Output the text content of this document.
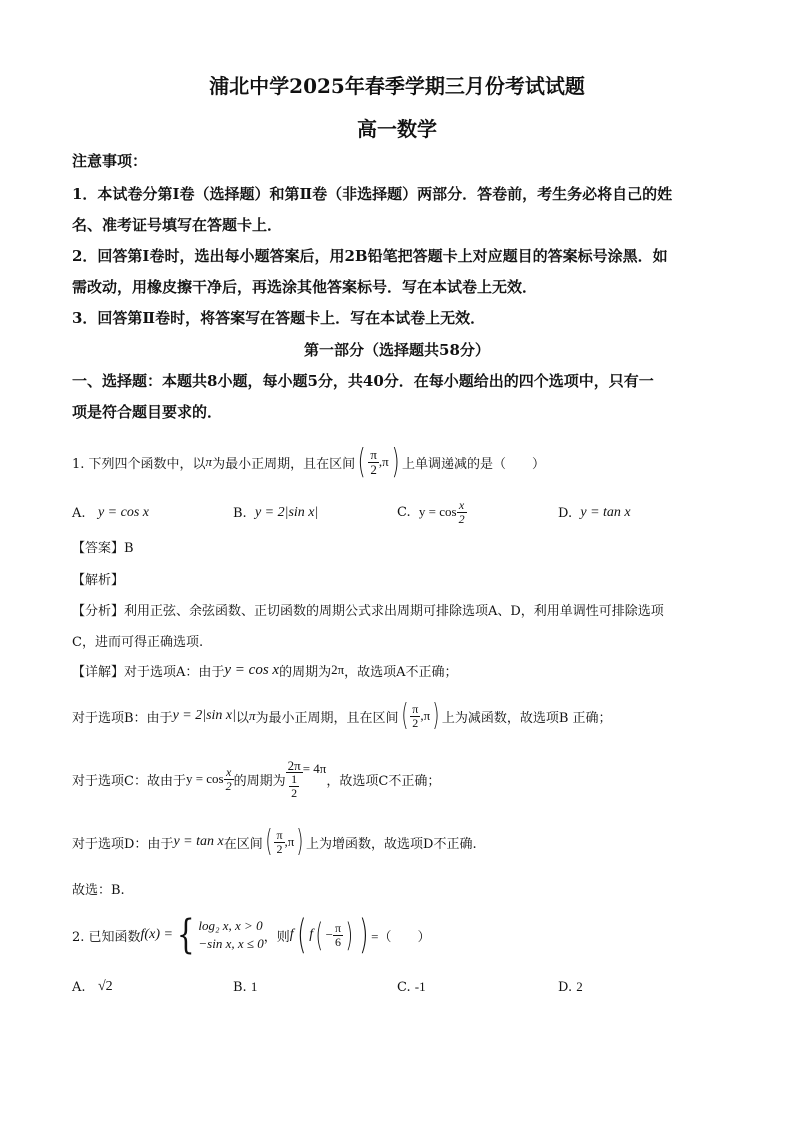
浦北中学2025年春季学期三月份考试试题
高一数学
注意事项：
1．本试卷分第Ⅰ卷（选择题）和第Ⅱ卷（非选择题）两部分．答卷前，考生务必将自己的姓
名、准考证号填写在答题卡上．
2．回答第Ⅰ卷时，选出每小题答案后，用2B铅笔把答题卡上对应题目的答案标号涂黑．如
需改动，用橡皮擦干净后，再选涂其他答案标号．写在本试卷上无效．
3．回答第Ⅱ卷时，将答案写在答题卡上．写在本试卷上无效．
第一部分（选择题共58分）
一、选择题：本题共8小题，每小题5分，共40分．在每小题给出的四个选项中，只有一
项是符合题目要求的．
1. 下列四个函数中，以 π 为最小正周期，且在区间 ( $\frac{\pi}{2} ,\pi$ ) 上单调递减的是（　　）
A.
y = cos x	B.
y = 2|sin x|	C.
$y = \cos \frac{x}{2}$	D.
y = tan x
【答案】B
【解析】
【分析】利用正弦、余弦函数、正切函数的周期公式求出周期可排除选项A、D，利用单调性可排除选项
C，进而可得正确选项.
【详解】对于选项A：由于 y = cos x 的周期为 2π ，故选项A不正确；
对于选项B：由于 y = 2|sin x| 以 π 为最小正周期，且在区间 ( $\frac{\pi}{2} ,\pi$ ) 上为减函数，故选项B 正确；
对于选项C：故由于 $y = \cos \frac{x}{2}$ 的周期为 $\frac{2\pi}{\frac{1}{2}} = 4\pi$
，故选项C不正确；
对于选项D：由于 y = tan x 在区间 ( $\frac{\pi}{2} ,\pi$ ) 上为增函数，故选项D不正确.
故选：B.
2. 已知函数 f(x) = { log₂ x, x > 0
−sin x, x ≤ 0 ，则 f ( f ( − $\frac{\pi}{6}$ ) ) =（　　）
A.
√2	B.
1	C.
-1	D.
2
